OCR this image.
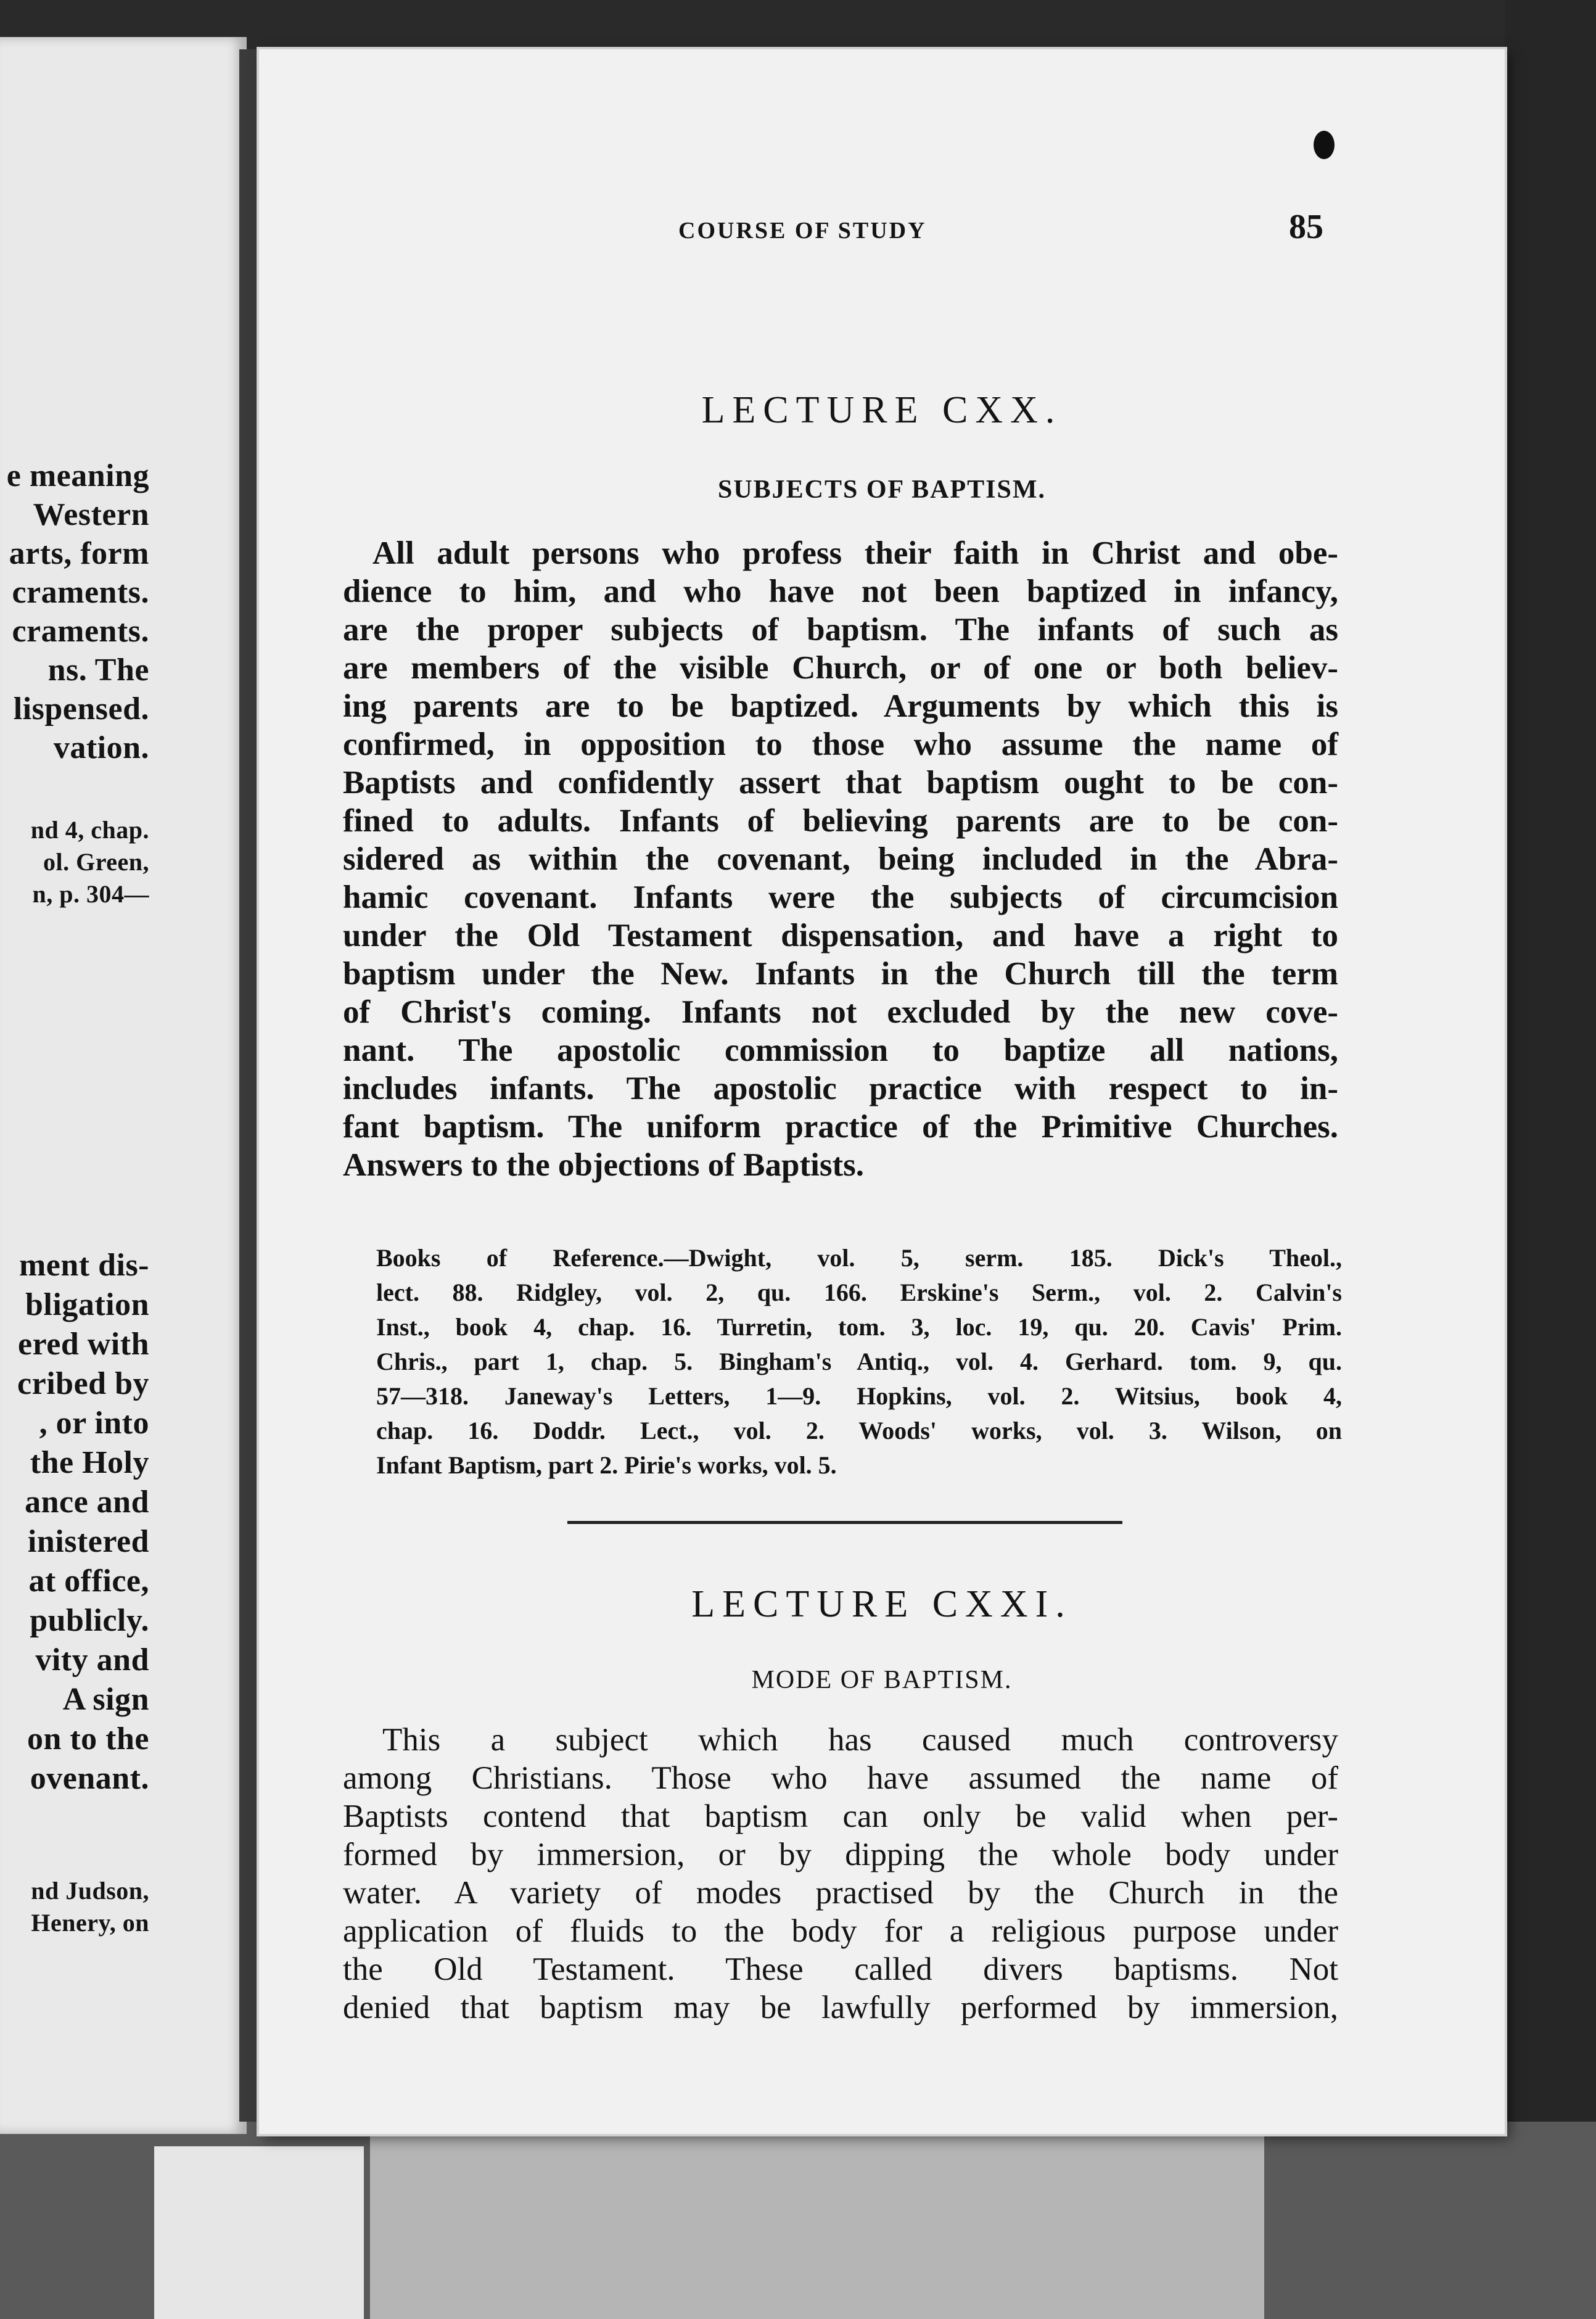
e meaning
Western
arts, form
craments.
craments.
ns. The
lispensed.
vation.
nd 4, chap.
ol. Green,
n, p. 304—
ment dis-
bligation
ered with
cribed by
, or into
the Holy
ance and
inistered
at office,
publicly.
vity and
A sign
on to the
ovenant.
nd Judson,
Henery, on
COURSE OF STUDY	85
LECTURE CXX.
SUBJECTS OF BAPTISM.
All adult persons who profess their faith in Christ and obe-
dience to him, and who have not been baptized in infancy,
are the proper subjects of baptism. The infants of such as
are members of the visible Church, or of one or both believ-
ing parents are to be baptized. Arguments by which this is
confirmed, in opposition to those who assume the name of
Baptists and confidently assert that baptism ought to be con-
fined to adults. Infants of believing parents are to be con-
sidered as within the covenant, being included in the Abra-
hamic covenant. Infants were the subjects of circumcision
under the Old Testament dispensation, and have a right to
baptism under the New. Infants in the Church till the term
of Christ's coming. Infants not excluded by the new cove-
nant. The apostolic commission to baptize all nations,
includes infants. The apostolic practice with respect to in-
fant baptism. The uniform practice of the Primitive Churches.
Answers to the objections of Baptists.
Books of Reference.—Dwight, vol. 5, serm. 185. Dick's Theol.,
lect. 88. Ridgley, vol. 2, qu. 166. Erskine's Serm., vol. 2. Calvin's
Inst., book 4, chap. 16. Turretin, tom. 3, loc. 19, qu. 20. Cavis' Prim.
Chris., part 1, chap. 5. Bingham's Antiq., vol. 4. Gerhard. tom. 9, qu.
57—318. Janeway's Letters, 1—9. Hopkins, vol. 2. Witsius, book 4,
chap. 16. Doddr. Lect., vol. 2. Woods' works, vol. 3. Wilson, on
Infant Baptism, part 2. Pirie's works, vol. 5.
LECTURE CXXI.
MODE OF BAPTISM.
This a subject which has caused much controversy
among Christians. Those who have assumed the name of
Baptists contend that baptism can only be valid when per-
formed by immersion, or by dipping the whole body under
water. A variety of modes practised by the Church in the
application of fluids to the body for a religious purpose under
the Old Testament. These called divers baptisms. Not
denied that baptism may be lawfully performed by immersion,
